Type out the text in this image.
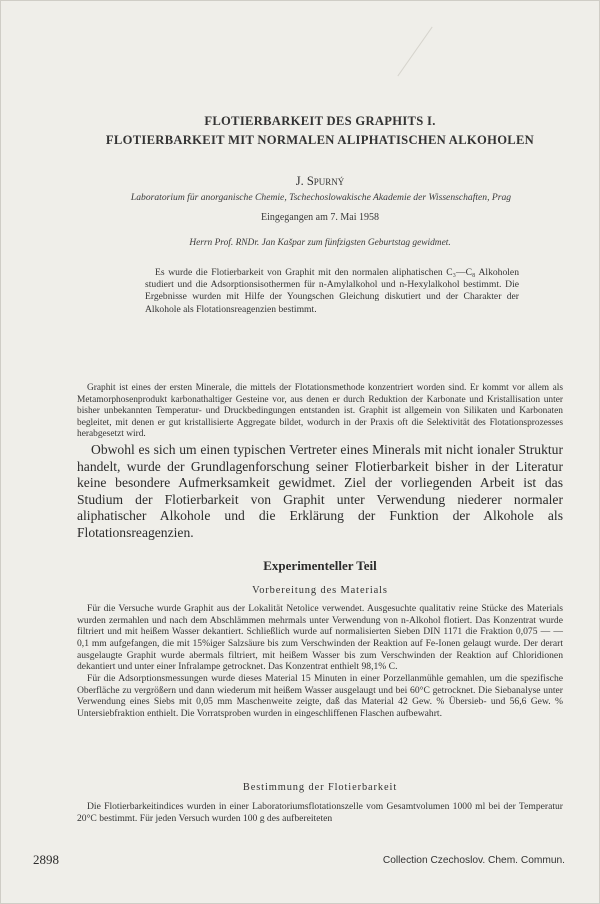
FLOTIERBARKEIT DES GRAPHITS I.
FLOTIERBARKEIT MIT NORMALEN ALIPHATISCHEN ALKOHOLEN
J. Spurný
Laboratorium für anorganische Chemie, Tschechoslowakische Akademie der Wissenschaften, Prag
Eingegangen am 7. Mai 1958
Herrn Prof. RNDr. Jan Kašpar zum fünfzigsten Geburtstag gewidmet.
Es wurde die Flotierbarkeit von Graphit mit den normalen aliphatischen C₃—C₈ Alkoholen studiert und die Adsorptionsisothermen für n-Amylalkohol und n-Hexylalkohol bestimmt. Die Ergebnisse wurden mit Hilfe der Youngschen Gleichung diskutiert und der Charakter der Alkohole als Flotationsreagenzien bestimmt.
Graphit ist eines der ersten Minerale, die mittels der Flotationsmethode konzentriert worden sind. Er kommt vor allem als Metamorphosenprodukt karbonathaltiger Gesteine vor, aus denen er durch Reduktion der Karbonate und Kristallisation unter bisher unbekannten Temperatur- und Druckbedingungen entstanden ist. Graphit ist allgemein von Silikaten und Karbonaten begleitet, mit denen er gut kristallisierte Aggregate bildet, wodurch in der Praxis oft die Selektivität des Flotationsprozesses herabgesetzt wird.
Obwohl es sich um einen typischen Vertreter eines Minerals mit nicht ionaler Struktur handelt, wurde der Grundlagenforschung seiner Flotierbarkeit bisher in der Literatur keine besondere Aufmerksamkeit gewidmet. Ziel der vorliegenden Arbeit ist das Studium der Flotierbarkeit von Graphit unter Verwendung niederer normaler aliphatischer Alkohole und die Erklärung der Funktion der Alkohole als Flotationsreagenzien.
Experimenteller Teil
Vorbereitung des Materials

Für die Versuche wurde Graphit aus der Lokalität Netolice verwendet. Ausgesuchte qualitativ reine Stücke des Materials wurden zermahlen und nach dem Abschlämmen mehrmals unter Verwendung von n-Alkohol flotiert. Das Konzentrat wurde filtriert und mit heißem Wasser dekantiert. Schließlich wurde auf normalisierten Sieben DIN 1171 die Fraktion 0,075 — — 0,1 mm aufgefangen, die mit 15%iger Salzsäure bis zum Verschwinden der Reaktion auf Fe-Ionen gelaugt wurde. Der derart ausgelaugte Graphit wurde abermals filtriert, mit heißem Wasser bis zum Verschwinden der Reaktion auf Chloridionen dekantiert und unter einer Infralampe getrocknet. Das Konzentrat enthielt 98,1% C.

Für die Adsorptionsmessungen wurde dieses Material 15 Minuten in einer Porzellanmühle gemahlen, um die spezifische Oberfläche zu vergrößern und dann wiederum mit heißem Wasser ausgelaugt und bei 60°C getrocknet. Die Siebanalyse unter Verwendung eines Siebs mit 0,05 mm Maschenweite zeigte, daß das Material 42 Gew. % Übersieb- und 56,6 Gew. % Untersiebfraktion enthielt. Die Vorratsproben wurden in eingeschliffenen Flaschen aufbewahrt.

Bestimmung der Flotierbarkeit

Die Flotierbarkeitindices wurden in einer Laboratoriumsflotationszelle vom Gesamtvolumen 1000 ml bei der Temperatur 20°C bestimmt. Für jeden Versuch wurden 100 g des aufbereiteten

2898	Collection Czechoslov. Chem. Commun.
